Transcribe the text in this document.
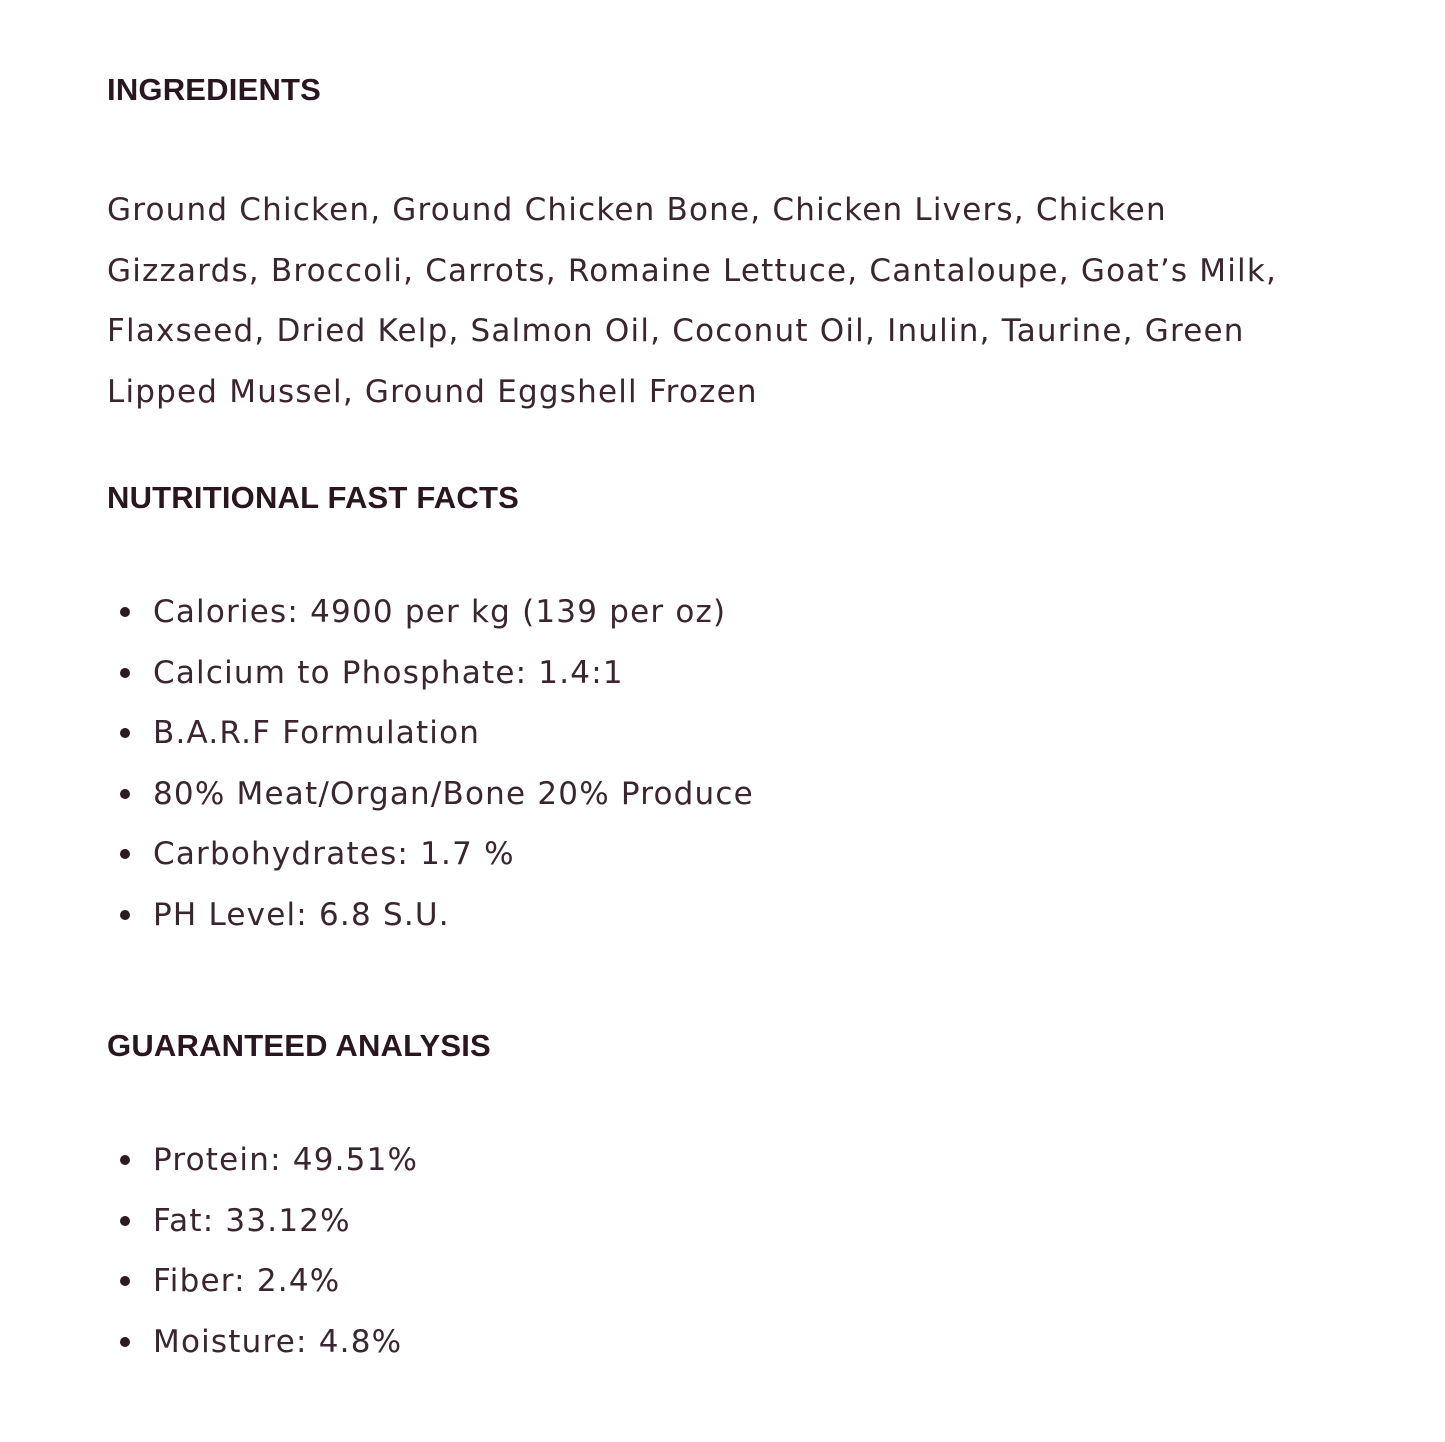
INGREDIENTS

Ground Chicken, Ground Chicken Bone, Chicken Livers, Chicken
Gizzards, Broccoli, Carrots, Romaine Lettuce, Cantaloupe, Goat’s Milk,
Flaxseed, Dried Kelp, Salmon Oil, Coconut Oil, Inulin, Taurine, Green
Lipped Mussel, Ground Eggshell Frozen

NUTRITIONAL FAST FACTS
Calories: 4900 per kg (139 per oz)
Calcium to Phosphate: 1.4:1
B.A.R.F Formulation
80% Meat/Organ/Bone 20% Produce
Carbohydrates: 1.7 %
PH Level: 6.8 S.U.
GUARANTEED ANALYSIS
Protein: 49.51%
Fat: 33.12%
Fiber: 2.4%
Moisture: 4.8%
